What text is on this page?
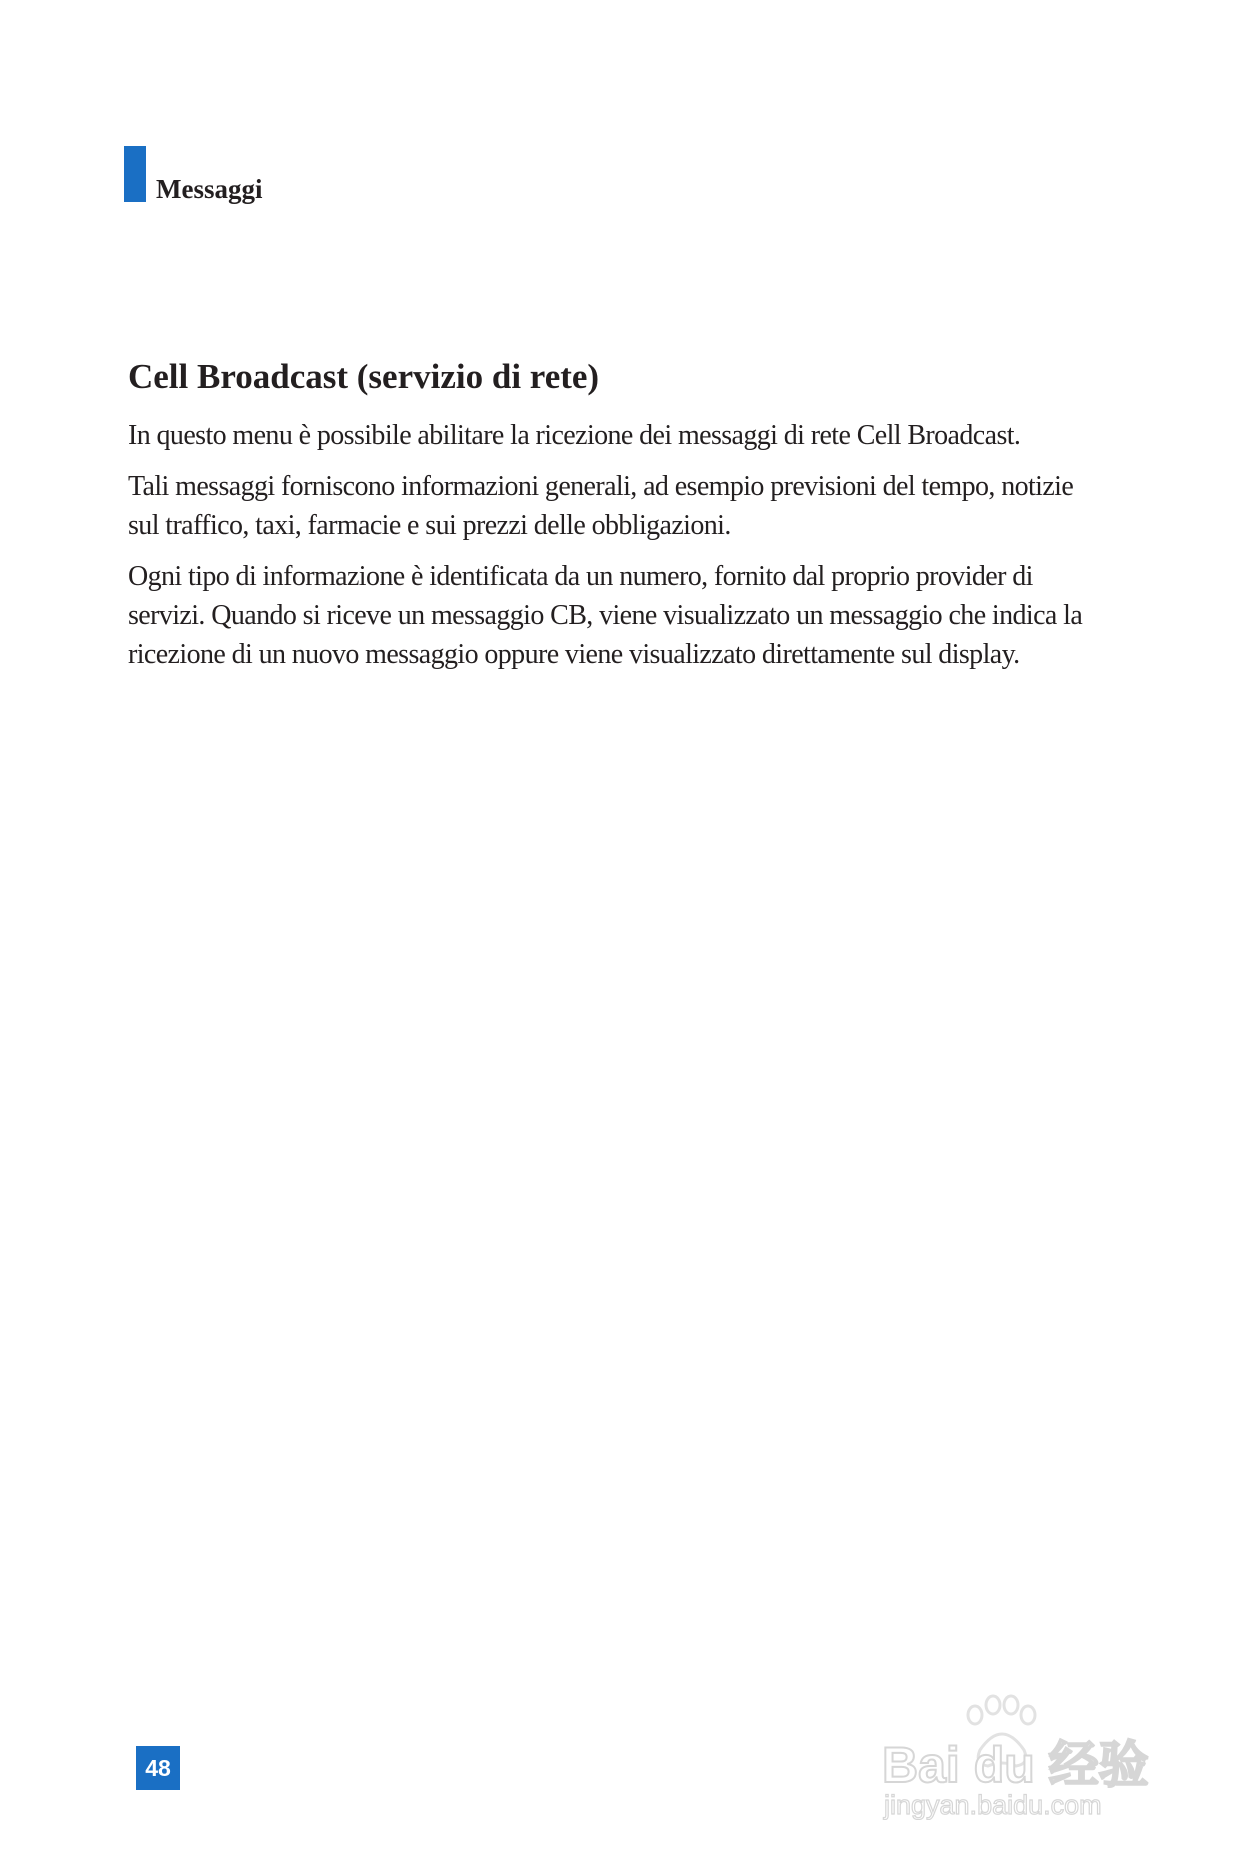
Messaggi
Cell Broadcast (servizio di rete)

In questo menu è possibile abilitare la ricezione dei messaggi di rete Cell Broadcast.

Tali messaggi forniscono informazioni generali, ad esempio previsioni del tempo, notizie sul traffico, taxi, farmacie e sui prezzi delle obbligazioni.

Ogni tipo di informazione è identificata da un numero, fornito dal proprio provider di servizi. Quando si riceve un messaggio CB, viene visualizzato un messaggio che indica la ricezione di un nuovo messaggio oppure viene visualizzato direttamente sul display.

48	Bai du 经验
jingyan.baidu.com
